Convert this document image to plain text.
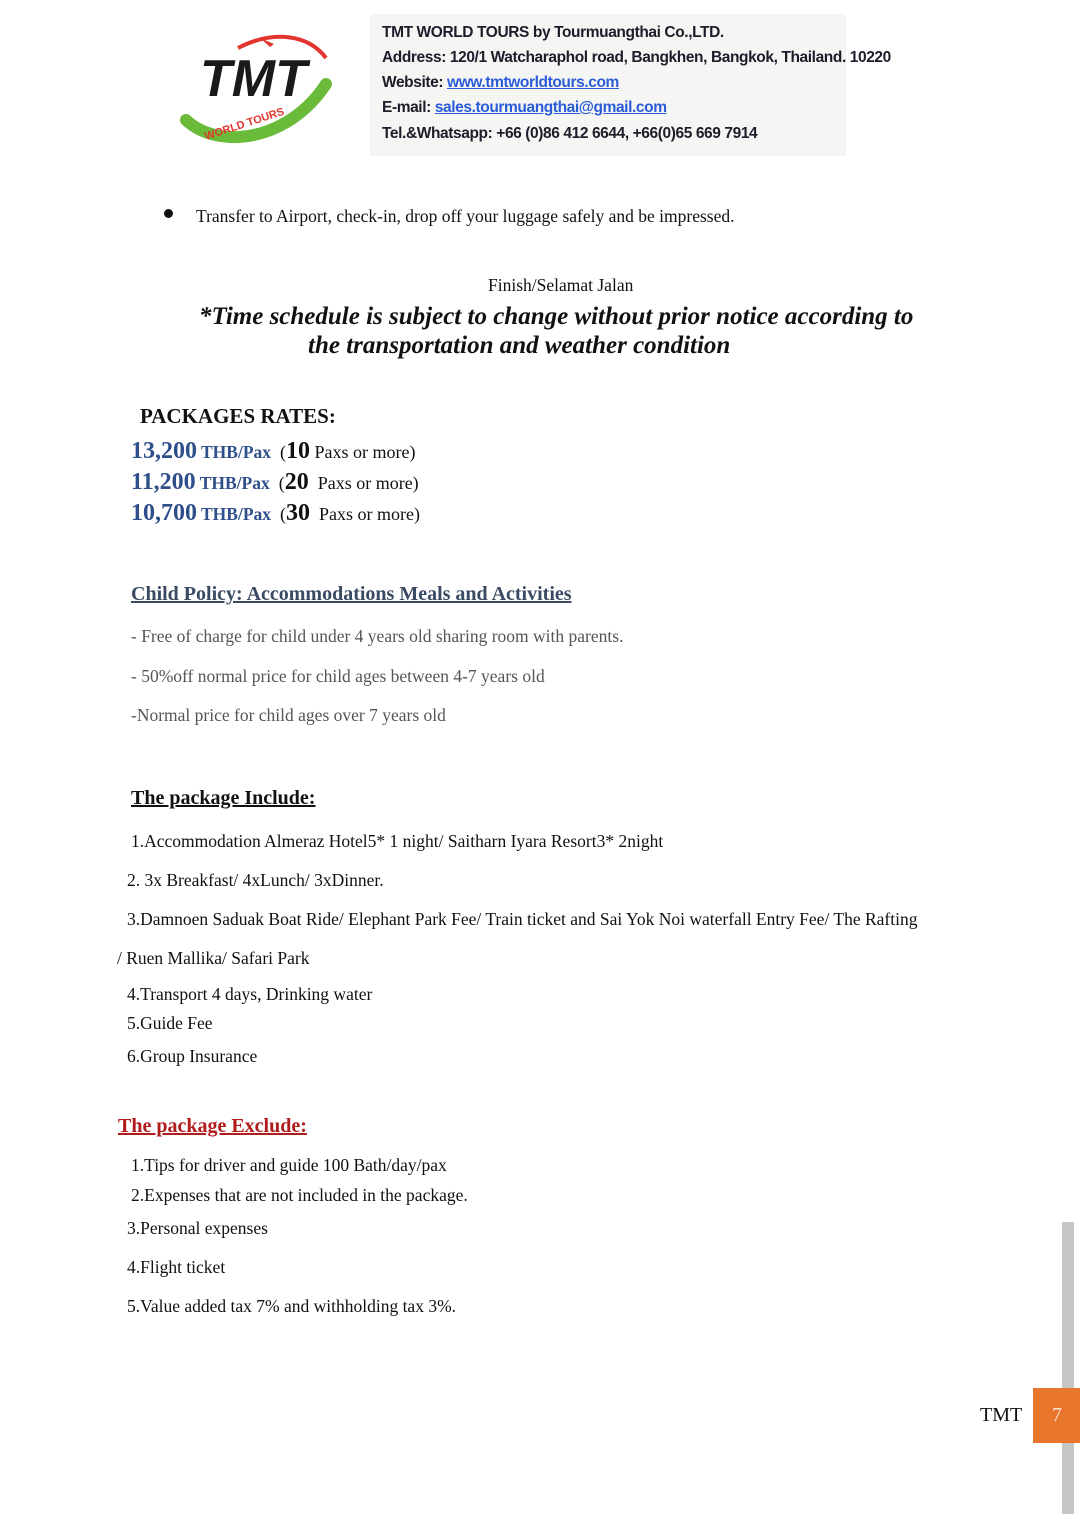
TMT
WORLD TOURS
TMT WORLD TOURS by Tourmuangthai Co.,LTD.
Address: 120/1 Watcharaphol road, Bangkhen, Bangkok, Thailand. 10220
Website: www.tmtworldtours.com
E-mail: sales.tourmuangthai@gmail.com
Tel.&Whatsapp: +66 (0)86 412 6644, +66(0)65 669 7914
Transfer to Airport, check-in, drop off your luggage safely and be impressed.
Finish/Selamat Jalan
*Time schedule is subject to change without prior notice according to
the transportation and weather condition
PACKAGES RATES:
13,200 THB/Pax  (10 Paxs or more)
11,200 THB/Pax  (20 Paxs or more)
10,700 THB/Pax  (30 Paxs or more)
Child Policy: Accommodations Meals and Activities
- Free of charge for child under 4 years old sharing room with parents.
- 50%off normal price for child ages between 4-7 years old
-Normal price for child ages over 7 years old
The package Include:
1.Accommodation Almeraz Hotel5* 1 night/ Saitharn Iyara Resort3* 2night
2. 3x Breakfast/ 4xLunch/ 3xDinner.
3.Damnoen Saduak Boat Ride/ Elephant Park Fee/ Train ticket and Sai Yok Noi waterfall Entry Fee/ The Rafting
/ Ruen Mallika/ Safari Park
4.Transport 4 days, Drinking water
5.Guide Fee
6.Group Insurance
The package Exclude:
1.Tips for driver and guide 100 Bath/day/pax
2.Expenses that are not included in the package.
3.Personal expenses
4.Flight ticket
5.Value added tax 7% and withholding tax 3%.
TMT 7
